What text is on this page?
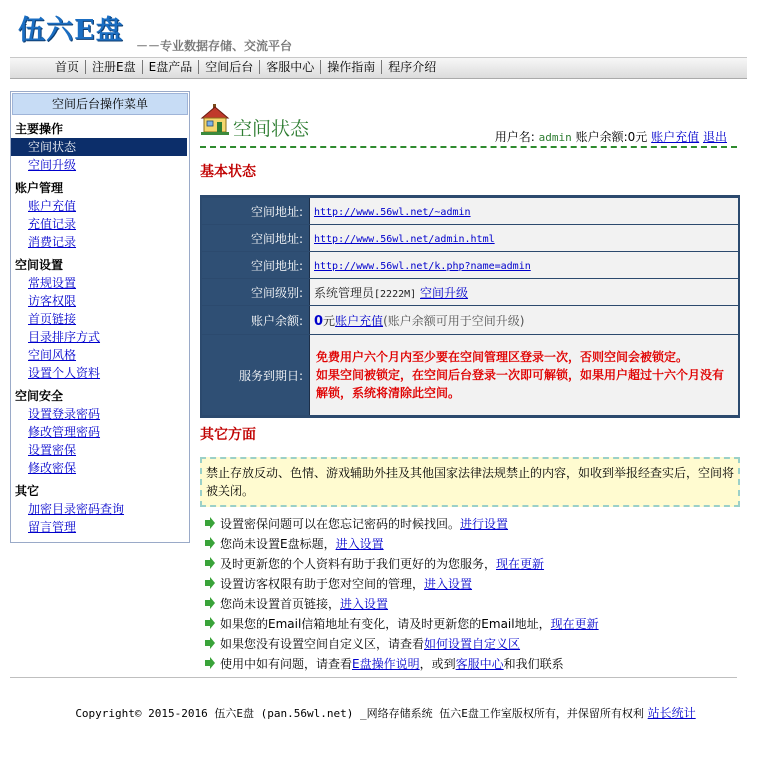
伍六E盘 －－专业数据存储、交流平台
首页	注册E盘	E盘产品	空间后台	客服中心	操作指南	程序介绍
空间后台操作菜单
主要操作
空间状态
空间升级
账户管理
账户充值
充值记录
消费记录
空间设置
常规设置
访客权限
首页链接
目录排序方式
空间风格
设置个人资料
空间安全
设置登录密码
修改管理密码
设置密保
修改密保
其它
加密目录密码查询
留言管理
空间状态	用户名: admin 账户余额:0元 账户充值 退出
基本状态
空间地址:	http://www.56wl.net/~admin
空间地址:	http://www.56wl.net/admin.html
空间地址:	http://www.56wl.net/k.php?name=admin
空间级别:	系统管理员[2222M] 空间升级
账户余额:	0元账户充值(账户余额可用于空间升级)
服务到期日:	免费用户六个月内至少要在空间管理区登录一次，否则空间会被锁定。
如果空间被锁定，在空间后台登录一次即可解锁，如果用户超过十六个月没有解锁，系统将清除此空间。
其它方面
禁止存放反动、色情、游戏辅助外挂及其他国家法律法规禁止的内容，如收到举报经查实后，空间将被关闭。
设置密保问题可以在您忘记密码的时候找回。 进行设置
您尚未设置E盘标题， 进入设置
及时更新您的个人资料有助于我们更好的为您服务， 现在更新
设置访客权限有助于您对空间的管理， 进入设置
您尚未设置首页链接， 进入设置
如果您的Email信箱地址有变化，请及时更新您的Email地址， 现在更新
如果您没有设置空间自定义区，请查看 如何设置自定义区
使用中如有问题，请查看 E盘操作说明 ，或到 客服中心 和我们联系
Copyright© 2015-2016 伍六E盘 (pan.56wl.net) _网络存储系统 伍六E盘工作室版权所有，并保留所有权利 站长统计
